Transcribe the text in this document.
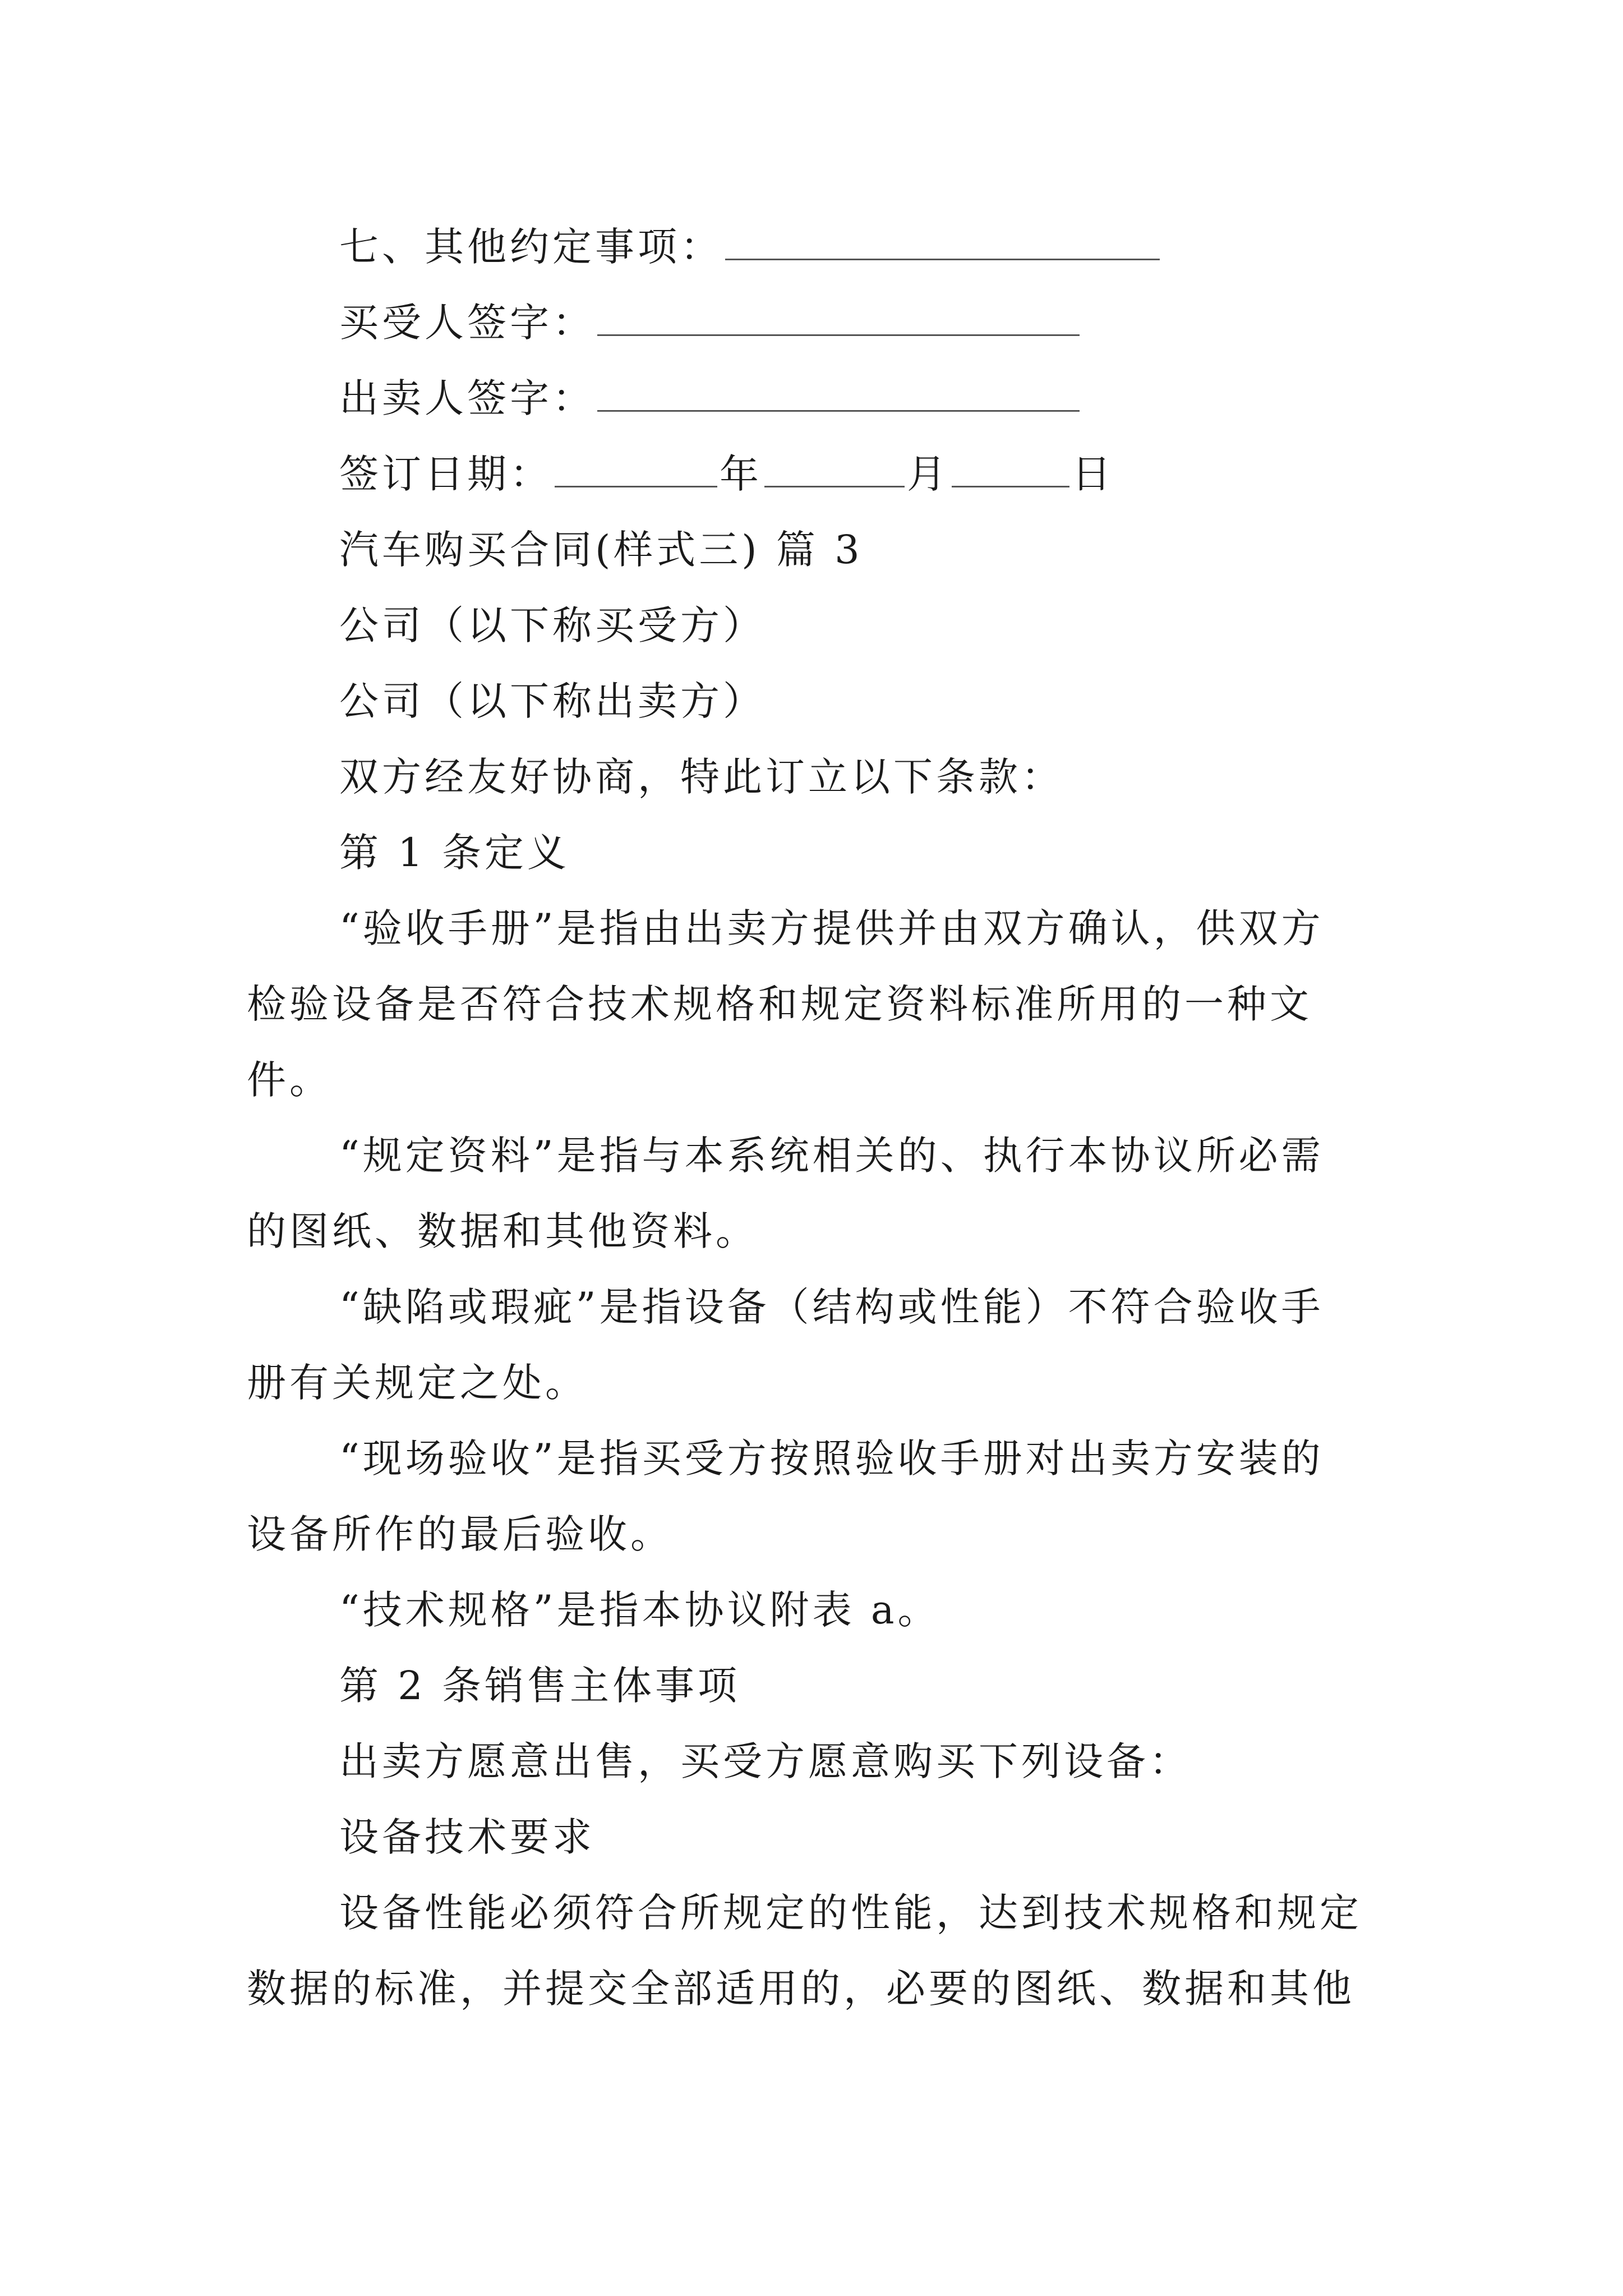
七、其他约定事项：
买受人签字：
出卖人签字：
签订日期：	年	月	日
汽车购买合同(样式三) 篇 3
公司（以下称买受方）
公司（以下称出卖方）
双方经友好协商，特此订立以下条款：
第 1 条定义
“验收手册”是指由出卖方提供并由双方确认，供双方
检验设备是否符合技术规格和规定资料标准所用的一种文
件。
“规定资料”是指与本系统相关的、执行本协议所必需
的图纸、数据和其他资料。
“缺陷或瑕疵”是指设备（结构或性能）不符合验收手
册有关规定之处。
“现场验收”是指买受方按照验收手册对出卖方安装的
设备所作的最后验收。
“技术规格”是指本协议附表 a。
第 2 条销售主体事项
出卖方愿意出售，买受方愿意购买下列设备：
设备技术要求
设备性能必须符合所规定的性能，达到技术规格和规定
数据的标准，并提交全部适用的，必要的图纸、数据和其他
